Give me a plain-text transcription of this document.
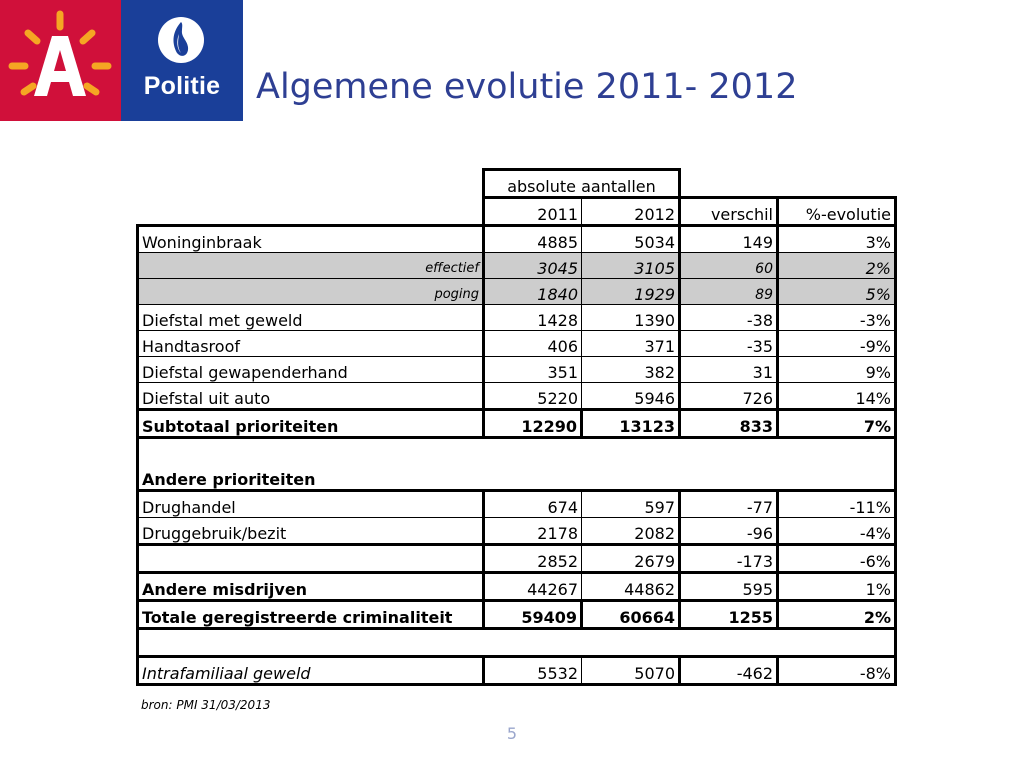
Politie	Algemene evolutie 2011- 2012
	absolute aantallen			
	2011	2012	verschil	%-evolutie
Woninginbraak	4885	5034	149	3%
effectief	3045	3105	60	2%
poging	1840	1929	89	5%
Diefstal met geweld	1428	1390	-38	-3%
Handtasroof	406	371	-35	-9%
Diefstal gewapenderhand	351	382	31	9%
Diefstal uit auto	5220	5946	726	14%
Subtotaal prioriteiten	12290	13123	833	7%
Andere prioriteiten				
Drughandel	674	597	-77	-11%
Druggebruik/bezit	2178	2082	-96	-4%
	2852	2679	-173	-6%
Andere misdrijven	44267	44862	595	1%
Totale geregistreerde criminaliteit	59409	60664	1255	2%

Intrafamiliaal geweld	5532	5070	-462	-8%
bron: PMI 31/03/2013
5
